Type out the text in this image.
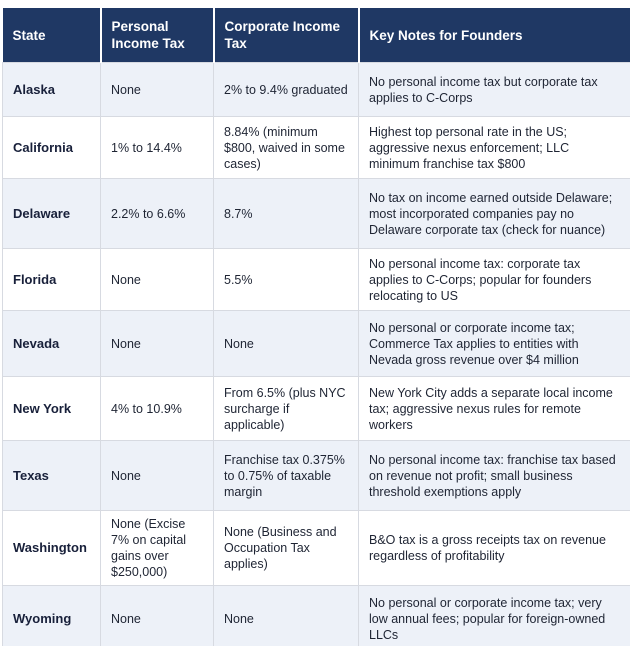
State	Personal Income Tax	Corporate Income Tax	Key Notes for Founders
Alaska	None	2% to 9.4% graduated	No personal income tax but corporate tax applies to C-Corps
California	1% to 14.4%	8.84% (minimum $800, waived in some cases)	Highest top personal rate in the US; aggressive nexus enforcement; LLC minimum franchise tax $800
Delaware	2.2% to 6.6%	8.7%	No tax on income earned outside Delaware; most incorporated companies pay no Delaware corporate tax (check for nuance)
Florida	None	5.5%	No personal income tax: corporate tax applies to C-Corps; popular for founders relocating to US
Nevada	None	None	No personal or corporate income tax; Commerce Tax applies to entities with Nevada gross revenue over $4 million
New York	4% to 10.9%	From 6.5% (plus NYC surcharge if applicable)	New York City adds a separate local income tax; aggressive nexus rules for remote workers
Texas	None	Franchise tax 0.375% to 0.75% of taxable margin	No personal income tax: franchise tax based on revenue not profit; small business threshold exemptions apply
Washington	None (Excise 7% on capital gains over $250,000)	None (Business and Occupation Tax applies)	B&O tax is a gross receipts tax on revenue regardless of profitability
Wyoming	None	None	No personal or corporate income tax; very low annual fees; popular for foreign-owned LLCs
